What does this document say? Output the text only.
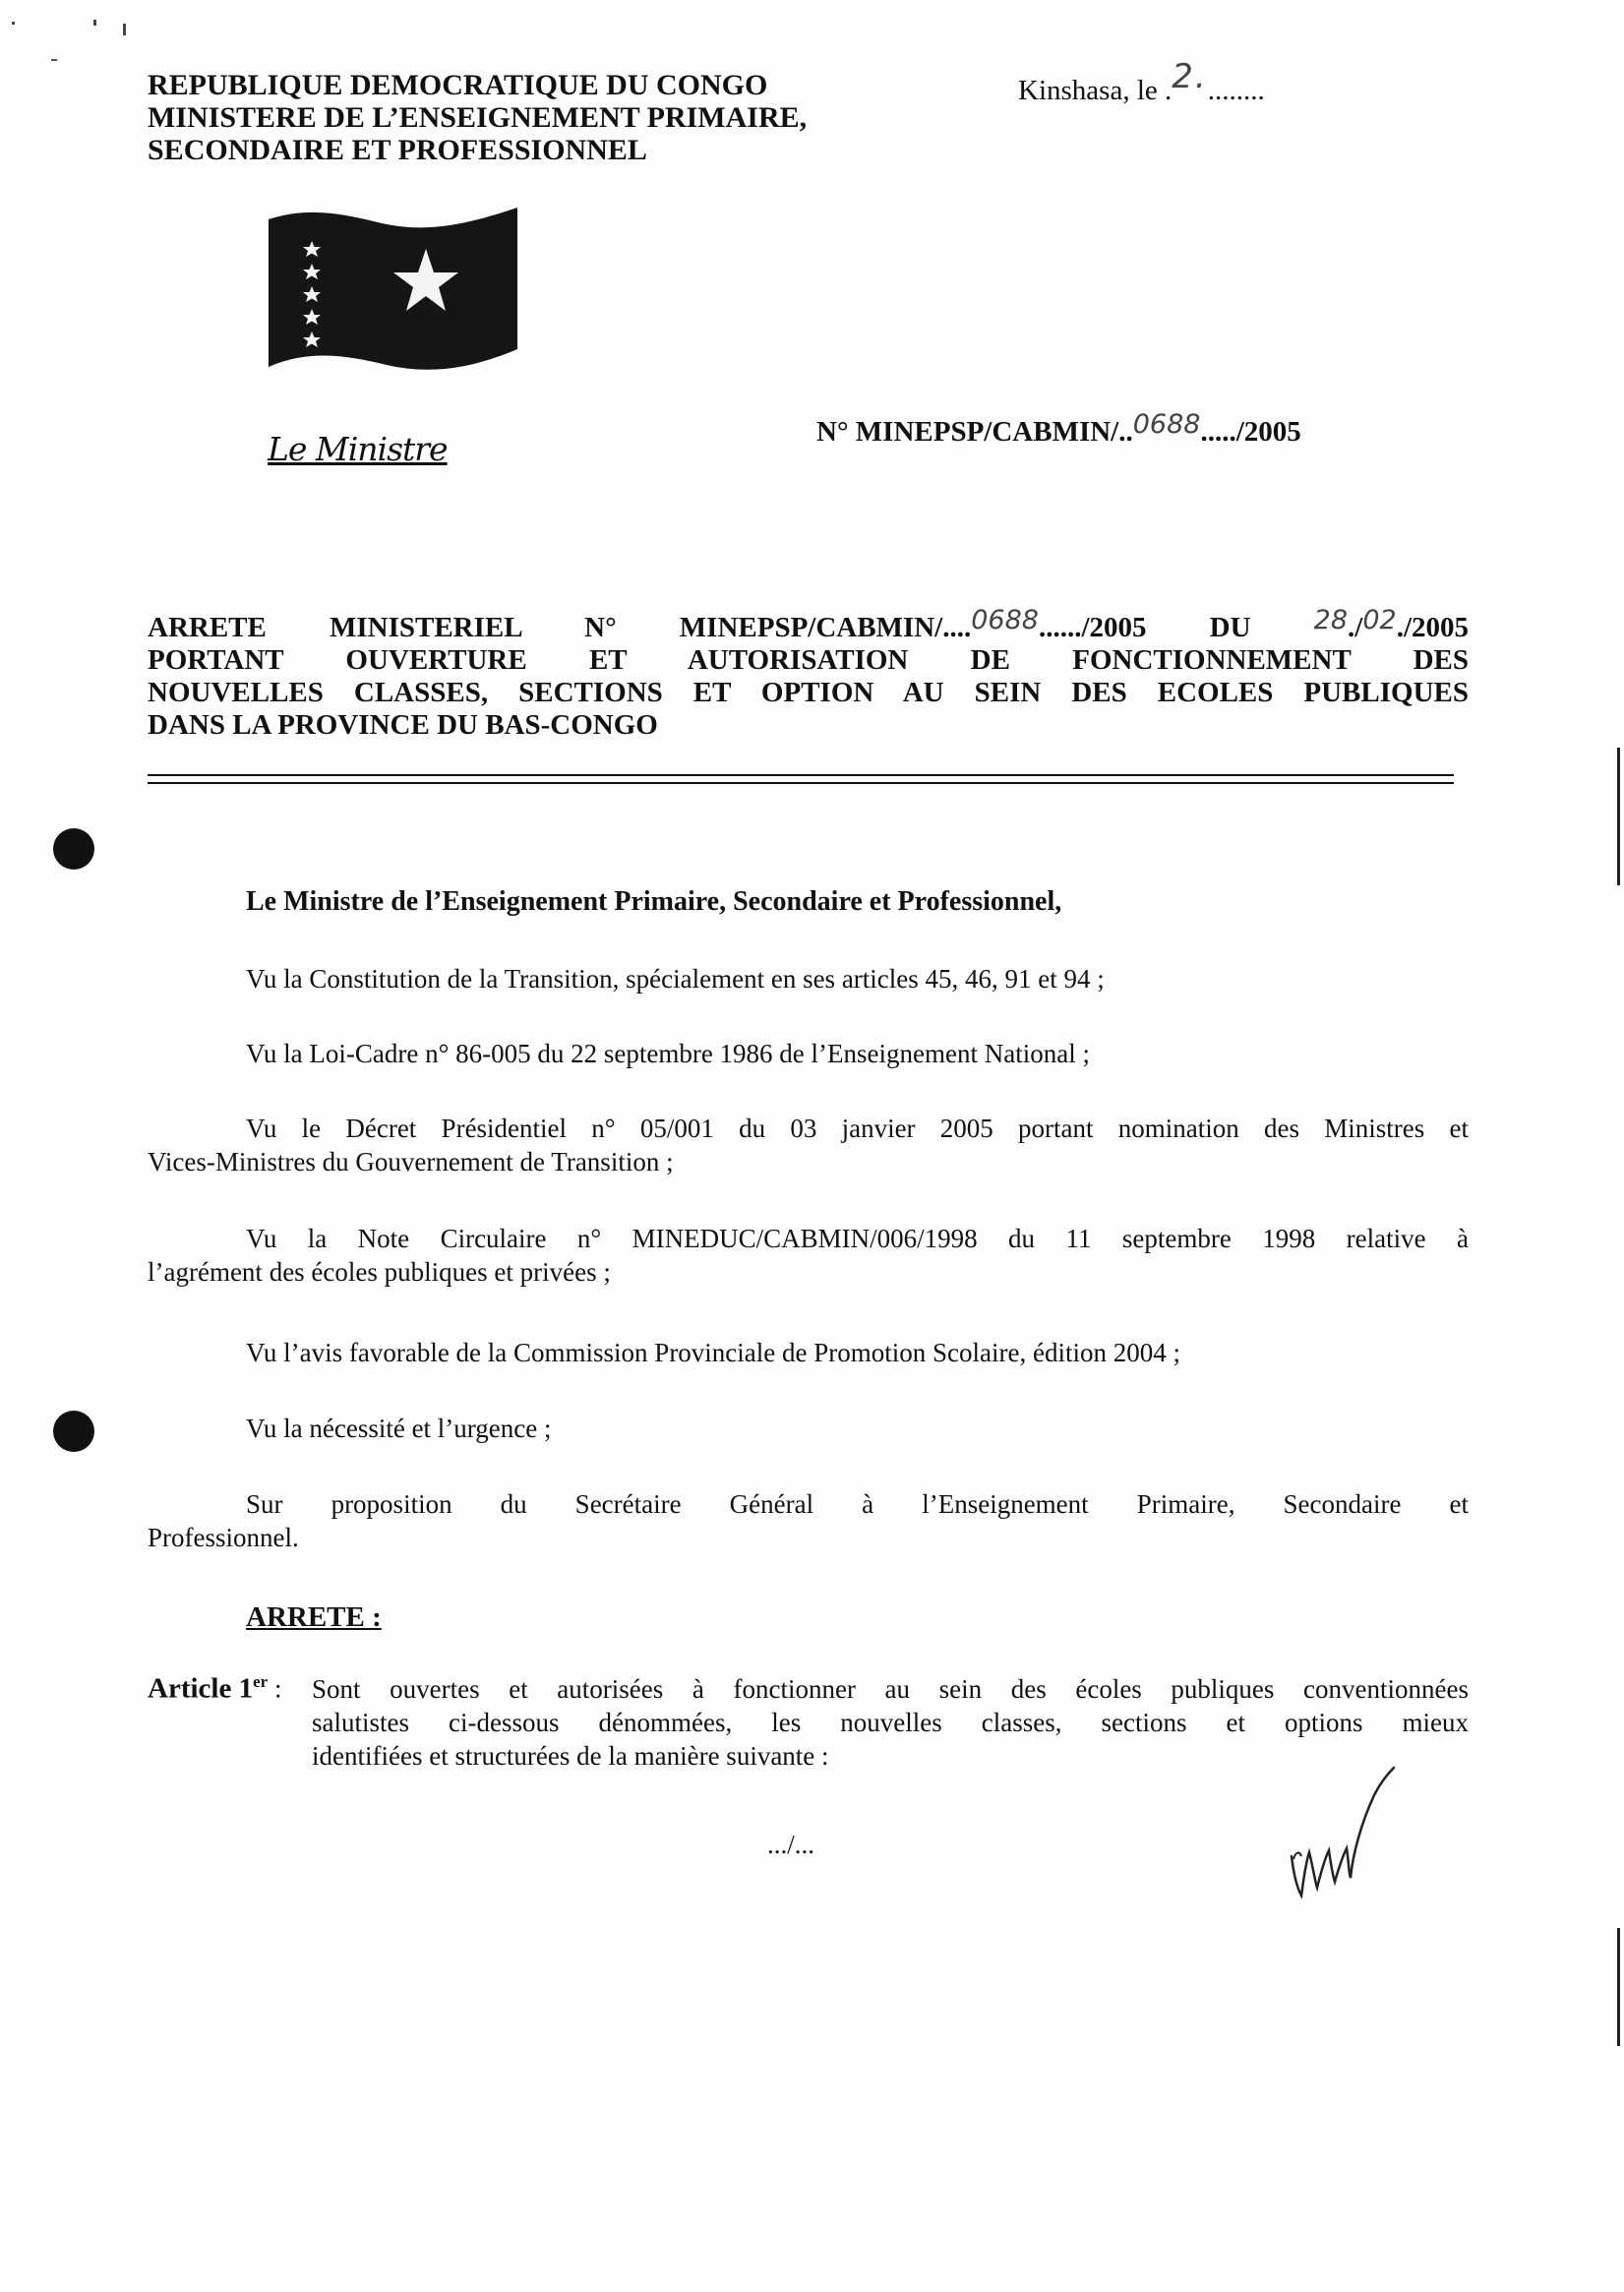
REPUBLIQUE DEMOCRATIQUE DU CONGO
MINISTERE DE L’ENSEIGNEMENT PRIMAIRE,
SECONDAIRE ET PROFESSIONNEL
Kinshasa, le .2.........
Le Ministre	N° MINEPSP/CABMIN/..0688...../2005
ARRETE MINISTERIEL N° MINEPSP/CABMIN/....0688....../2005 DU 28./02./2005
PORTANT OUVERTURE ET AUTORISATION DE FONCTIONNEMENT DES
NOUVELLES CLASSES, SECTIONS ET OPTION AU SEIN DES ECOLES PUBLIQUES
DANS LA PROVINCE DU BAS-CONGO
Le Ministre de l’Enseignement Primaire, Secondaire et Professionnel,
Vu la Constitution de la Transition, spécialement en ses articles 45, 46, 91 et 94 ;
Vu la Loi-Cadre n° 86-005 du 22 septembre 1986 de l’Enseignement National ;
Vu le Décret Présidentiel n° 05/001 du 03 janvier 2005 portant nomination des Ministres et
Vices-Ministres du Gouvernement de Transition ;
Vu la Note Circulaire n° MINEDUC/CABMIN/006/1998 du 11 septembre 1998 relative à
l’agrément des écoles publiques et privées ;
Vu l’avis favorable de la Commission Provinciale de Promotion Scolaire, édition 2004 ;
Vu la nécessité et l’urgence ;
Sur proposition du Secrétaire Général à l’Enseignement Primaire, Secondaire et
Professionnel.
ARRETE :
Article 1er : Sont ouvertes et autorisées à fonctionner au sein des écoles publiques conventionnées
salutistes ci-dessous dénommées, les nouvelles classes, sections et options mieux
identifiées et structurées de la manière suivante :
.../...
